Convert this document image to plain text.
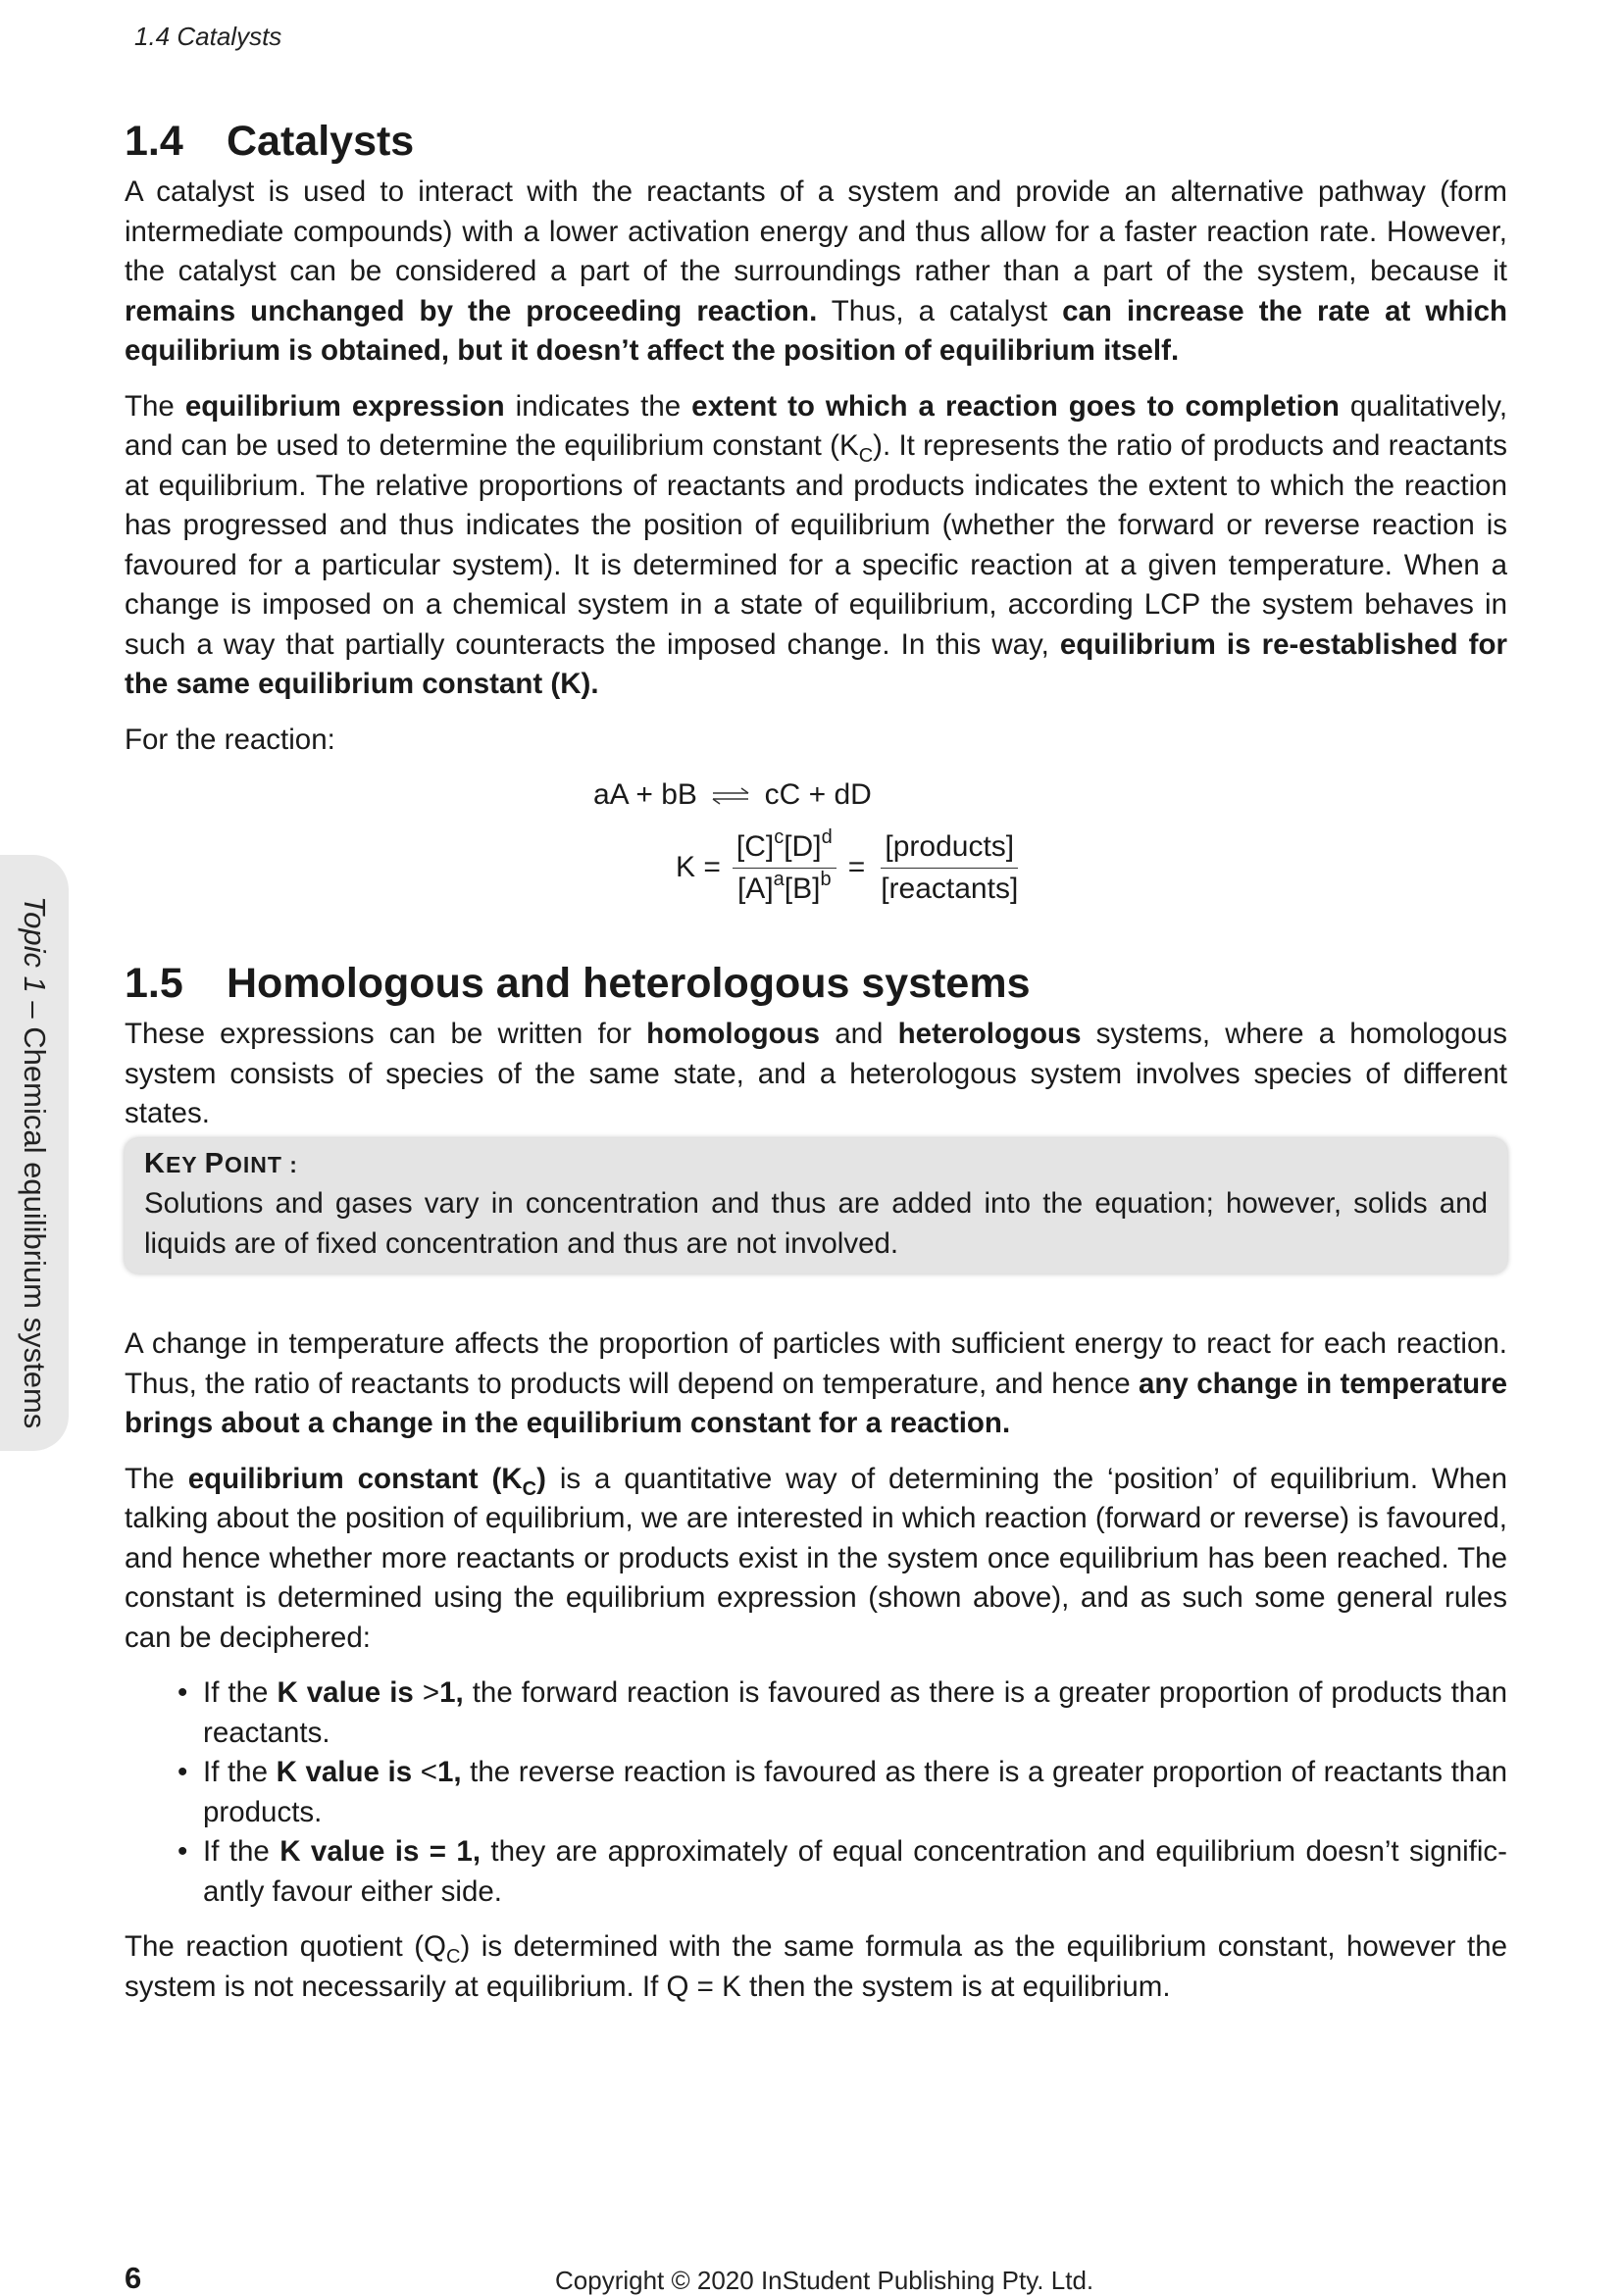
1.4 Catalysts
Topic 1 – Chemical equilibrium systems
1.4 Catalysts

A catalyst is used to interact with the reactants of a system and provide an alternative pathway (form intermediate compounds) with a lower activation energy and thus allow for a faster reaction rate. However, the catalyst can be considered a part of the surroundings rather than a part of the system, because it remains unchanged by the proceeding reaction. Thus, a catalyst can increase the rate at which equilibrium is obtained, but it doesn’t affect the position of equilibrium itself.

The equilibrium expression indicates the extent to which a reaction goes to completion qualitatively, and can be used to determine the equilibrium constant $(K_C)$. It represents the ratio of products and reactants at equilibrium. The relative proportions of reactants and products indicates the extent to which the reaction has progressed and thus indicates the position of equilibrium (whether the forward or reverse reaction is favoured for a particular system). It is determined for a specific reaction at a given temperature. When a change is imposed on a chemical system in a state of equilibrium, according LCP the system behaves in such a way that partially counteracts the imposed change. In this way, equilibrium is re-established for the same equilibrium constant (K).

For the reaction:

aA + bB ⇌ cC + dD
$K = \frac{[C]^c[D]^d}{[A]^a[B]^b} = \frac{\text{[products]}}{\text{[reactants]}}$
1.5 Homologous and heterologous systems

These expressions can be written for homologous and heterologous systems, where a homologous system consists of species of the same state, and a heterologous system involves species of different states.

KEY POINT :

Solutions and gases vary in concentration and thus are added into the equation; however, solids and liquids are of fixed concentration and thus are not involved.

A change in temperature affects the proportion of particles with sufficient energy to react for each reaction. Thus, the ratio of reactants to products will depend on temperature, and hence any change in temperature brings about a change in the equilibrium constant for a reaction.

The equilibrium constant $(K_C)$ is a quantitative way of determining the ‘position’ of equilibrium. When talking about the position of equilibrium, we are interested in which reaction (forward or reverse) is favoured, and hence whether more reactants or products exist in the system once equilibrium has been reached. The constant is determined using the equilibrium expression (shown above), and as such some general rules can be deciphered:

• If the K value is >1, the forward reaction is favoured as there is a greater proportion of products than reactants.
• If the K value is <1, the reverse reaction is favoured as there is a greater proportion of reactants than products.
• If the K value is = 1, they are approximately of equal concentration and equilibrium doesn’t signific-antly favour either side.

The reaction quotient $(Q_C)$ is determined with the same formula as the equilibrium constant, however the system is not necessarily at equilibrium. If Q = K then the system is at equilibrium.

6	Copyright © 2020 InStudent Publishing Pty. Ltd.
